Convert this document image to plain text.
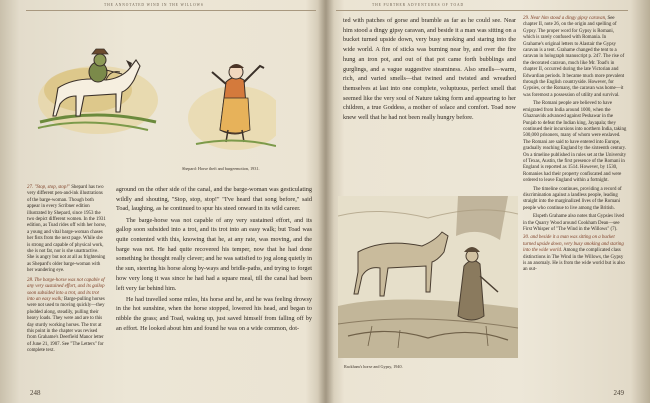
THE ANNOTATED WIND IN THE WILLOWS
Shepard: Horse theft and burgeemotion, 1931.

27. "Stop, stop, stop!" Shepard has two very different pen-and-ink illustrations of the barge-woman. Though both appear in every Scribner edition illustrated by Shepard, since 1953 the two depict different women. In the 1931 edition, as Toad rides off with her horse, a young and vital barge-woman chases her fists from the next page. While she is strong and capable of physical work, she is not fat, nor is she unattractive. She is angry but not at all as frightening as Shepard's older barge-woman with her wandering eye.

28. The barge-horse was not capable of any very sustained effort, and its gallop soon subsided into a trot, and its trot into an easy walk; Barge-pulling horses were not used to moving quickly—they plodded along, steadily, pulling their heavy loads. They were and are to this day sturdy working horses. The trot at this point in the chapter was revised from Grahame's Deerfield Manor letter of June 21, 1907. See "The Letters" for complete text.

aground on the other side of the canal, and the barge-woman was gesticulating wildly and shouting, "Stop, stop, stop!" "I've heard that song before," said Toad, laughing, as he continued to spur his steed onward in its wild career.

The barge-horse was not capable of any very sustained effort, and its gallop soon subsided into a trot, and its trot into an easy walk; but Toad was quite contented with this, knowing that he, at any rate, was moving, and the barge was not. He had quite recovered his temper, now that he had done something he thought really clever; and he was satisfied to jog along quietly in the sun, steering his horse along by-ways and bridle-paths, and trying to forget how very long it was since he had had a square meal, till the canal had been left very far behind him.

He had travelled some miles, his horse and he, and he was feeling drowsy in the hot sunshine, when the horse stopped, lowered his head, and began to nibble the grass; and Toad, waking up, just saved himself from falling off by an effort. He looked about him and found he was on a wide common, dot-

248
THE FURTHER ADVENTURES OF TOAD

ted with patches of gorse and bramble as far as he could see. Near him stood a dingy gipsy caravan, and beside it a man was sitting on a bucket turned upside down, very busy smoking and staring into the wide world. A fire of sticks was burning near by, and over the fire hung an iron pot, and out of that pot came forth bubblings and gurglings, and a vague suggestive steaminess. Also smells—warm, rich, and varied smells—that twined and twisted and wreathed themselves at last into one complete, voluptuous, perfect smell that seemed like the very soul of Nature taking form and appearing to her children, a true Goddess, a mother of solace and comfort. Toad now knew well that he had not been really hungry before.

Rackham's horse and Gypsy, 1940.

29. Near him stood a dingy gipsy caravan, See chapter II, note 26, on the origin and spelling of Gypsy. The proper word for Gypsy is Romani, which is rarely confused with Romania. In Grahame's original letters to Alastair the Gypsy caravan is a tent. Grahame changed the tent to a caravan in holograph manuscript p. 247. The rise of the decorated caravan, much like Mr. Toad's in chapter II, occurred during the late Victorian and Edwardian periods. It became much more prevalent through the English countryside. However, for Gypsies, or the Romany, the caravan was home—it was foremost a possession of utility and survival.

The Romani people are believed to have emigrated from India around 1000, when the Ghaznavids advanced against Peshawar in the Punjab to defeat the Indian king, Jayapala; they continued their incursions into northern India, taking 500,000 prisoners, many of whom were enslaved. The Romani are said to have entered into Europe, gradually reaching England by the sixteenth century. On a timeline published in rules set at the University of Texas, Austin, the first presence of the Romani in England is reported as 1514. However, by 1530, Romanies had their property confiscated and were ordered to leave England within a fortnight.

The timeline continues, providing a record of discrimination against a landless people, leading straight into the marginalized lives of the Romani people who continue to live among the British.

Elspeth Grahame also notes that Gypsies lived in the Quarry Wood around Cookham Dean—see First Whisper of "The Wind in the Willows" (7).

30. and beside it a man was sitting on a bucket turned upside down, very busy smoking and staring into the wide world. Among the complicated class distinctions in The Wind in the Willows, the Gypsy is an anomaly. He is from the wide world but is also an out-

249
